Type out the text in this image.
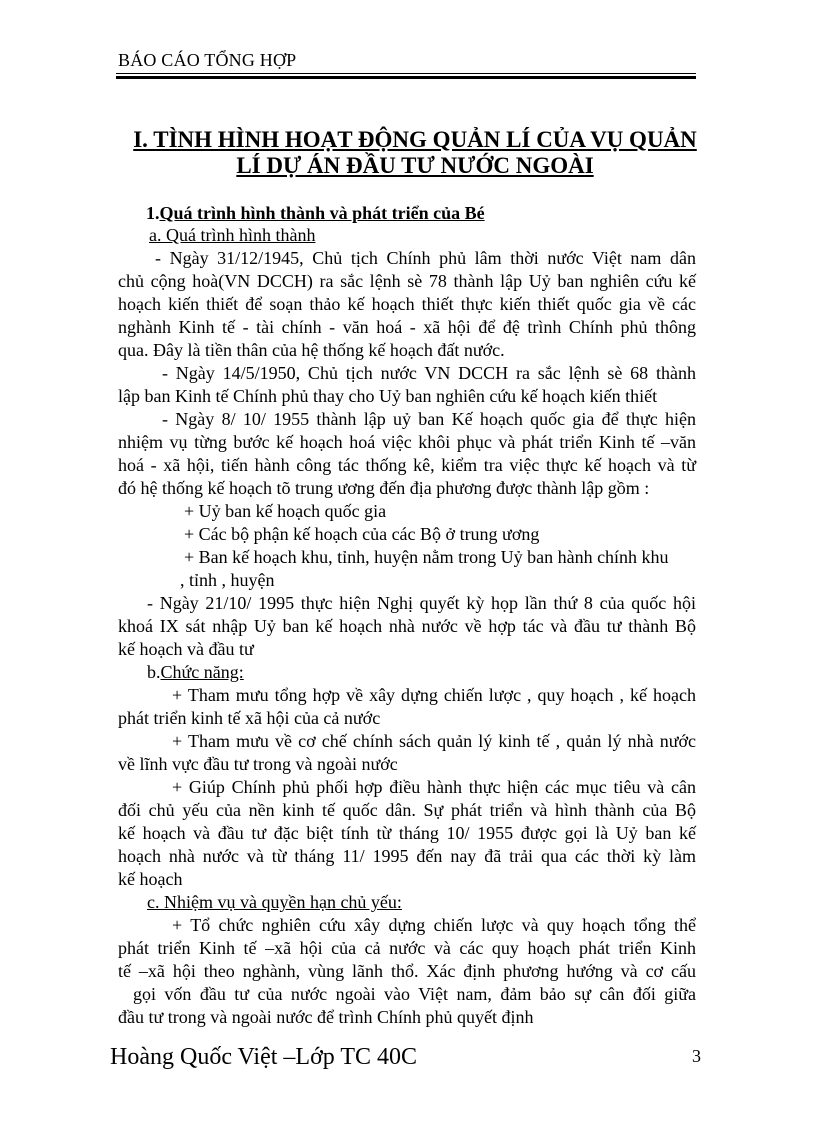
BÁO CÁO TỔNG HỢP
I. TÌNH HÌNH HOẠT ĐỘNG QUẢN LÍ CỦA VỤ QUẢN
LÍ DỰ ÁN ĐẦU TƯ NƯỚC NGOÀI
1.Quá trình hình thành và phát triển của Bé
a. Quá trình hình thành
- Ngày 31/12/1945, Chủ tịch Chính phủ lâm thời nước Việt nam dân
chủ cộng hoà(VN DCCH) ra sắc lệnh sè 78 thành lập Uỷ ban nghiên cứu kế
hoạch kiến thiết để soạn thảo kế hoạch thiết thực kiến thiết quốc gia về các
nghành Kinh tế - tài chính - văn hoá - xã hội để đệ trình Chính phủ thông
qua. Đây là tiền thân của hệ thống kế hoạch đất nước.
- Ngày 14/5/1950, Chủ tịch nước VN DCCH ra sắc lệnh sè 68 thành
lập ban Kinh tế Chính phủ thay cho Uỷ ban nghiên cứu kế hoạch kiến thiết
- Ngày 8/ 10/ 1955 thành lập uỷ ban Kế hoạch quốc gia để thực hiện
nhiệm vụ từng bước kế hoạch hoá việc khôi phục và phát triển Kinh tế –văn
hoá - xã hội, tiến hành công tác thống kê, kiểm tra việc thực kế hoạch và từ
đó hệ thống kế hoạch tõ trung ương đến địa phương được thành lập gồm :
+ Uỷ ban kế hoạch quốc gia
+ Các bộ phận kế hoạch của các Bộ ở trung ương
+ Ban kế hoạch khu, tỉnh, huyện nằm trong Uỷ ban hành chính khu
, tỉnh , huyện
- Ngày 21/10/ 1995 thực hiện Nghị quyết kỳ họp lần thứ 8 của quốc hội
khoá IX sát nhập Uỷ ban kế hoạch nhà nước về hợp tác và đầu tư thành Bộ
kế hoạch và đầu tư
b.Chức năng:
+ Tham mưu tổng hợp về xây dựng chiến lược , quy hoạch , kế hoạch
phát triển kinh tế xã hội của cả nước
+ Tham mưu về cơ chế chính sách quản lý kinh tế , quản lý nhà nước
về lĩnh vực đầu tư trong và ngoài nước
+ Giúp Chính phủ phối hợp điều hành thực hiện các mục tiêu và cân
đối chủ yếu của nền kinh tế quốc dân. Sự phát triển và hình thành của Bộ
kế hoạch và đầu tư đặc biệt tính từ tháng 10/ 1955 được gọi là Uỷ ban kế
hoạch nhà nước và từ tháng 11/ 1995 đến nay đã trải qua các thời kỳ làm
kế hoạch
c. Nhiệm vụ và quyền hạn chủ yếu:
+ Tổ chức nghiên cứu xây dựng chiến lược và quy hoạch tổng thể
phát triển Kinh tế –xã hội của cả nước và các quy hoạch phát triển Kinh
tế –xã hội theo nghành, vùng lãnh thổ. Xác định phương hướng và cơ cấu
gọi vốn đầu tư của nước ngoài vào Việt nam, đảm bảo sự cân đối giữa
đầu tư trong và ngoài nước để trình Chính phủ quyết định
Hoàng Quốc Việt –Lớp TC 40C	3
